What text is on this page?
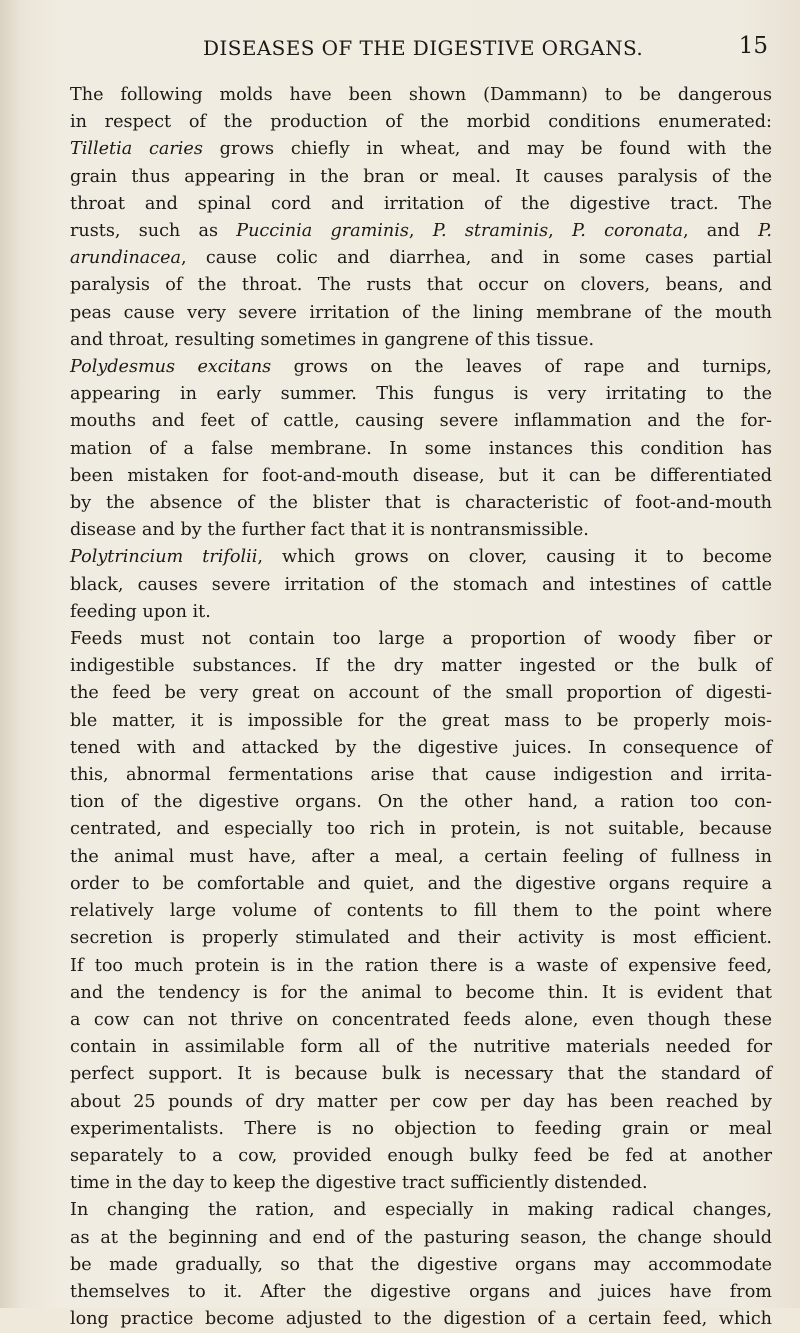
DISEASES OF THE DIGESTIVE ORGANS.	15

The following molds have been shown (Dammann) to be dangerous
in respect of the production of the morbid conditions enumerated:
Tilletia caries grows chiefly in wheat, and may be found with the
grain thus appearing in the bran or meal. It causes paralysis of the
throat and spinal cord and irritation of the digestive tract. The
rusts, such as Puccinia graminis, P. straminis, P. coronata, and P.
arundinacea, cause colic and diarrhea, and in some cases partial
paralysis of the throat. The rusts that occur on clovers, beans, and
peas cause very severe irritation of the lining membrane of the mouth
and throat, resulting sometimes in gangrene of this tissue.

Polydesmus excitans grows on the leaves of rape and turnips,
appearing in early summer. This fungus is very irritating to the
mouths and feet of cattle, causing severe inflammation and the for-
mation of a false membrane. In some instances this condition has
been mistaken for foot-and-mouth disease, but it can be differentiated
by the absence of the blister that is characteristic of foot-and-mouth
disease and by the further fact that it is nontransmissible.

Polytrincium trifolii, which grows on clover, causing it to become
black, causes severe irritation of the stomach and intestines of cattle
feeding upon it.

Feeds must not contain too large a proportion of woody fiber or
indigestible substances. If the dry matter ingested or the bulk of
the feed be very great on account of the small proportion of digesti-
ble matter, it is impossible for the great mass to be properly mois-
tened with and attacked by the digestive juices. In consequence of
this, abnormal fermentations arise that cause indigestion and irrita-
tion of the digestive organs. On the other hand, a ration too con-
centrated, and especially too rich in protein, is not suitable, because
the animal must have, after a meal, a certain feeling of fullness in
order to be comfortable and quiet, and the digestive organs require a
relatively large volume of contents to fill them to the point where
secretion is properly stimulated and their activity is most efficient.
If too much protein is in the ration there is a waste of expensive feed,
and the tendency is for the animal to become thin. It is evident that
a cow can not thrive on concentrated feeds alone, even though these
contain in assimilable form all of the nutritive materials needed for
perfect support. It is because bulk is necessary that the standard of
about 25 pounds of dry matter per cow per day has been reached by
experimentalists. There is no objection to feeding grain or meal
separately to a cow, provided enough bulky feed be fed at another
time in the day to keep the digestive tract sufficiently distended.

In changing the ration, and especially in making radical changes,
as at the beginning and end of the pasturing season, the change should
be made gradually, so that the digestive organs may accommodate
themselves to it. After the digestive organs and juices have from
long practice become adjusted to the digestion of a certain feed, which
